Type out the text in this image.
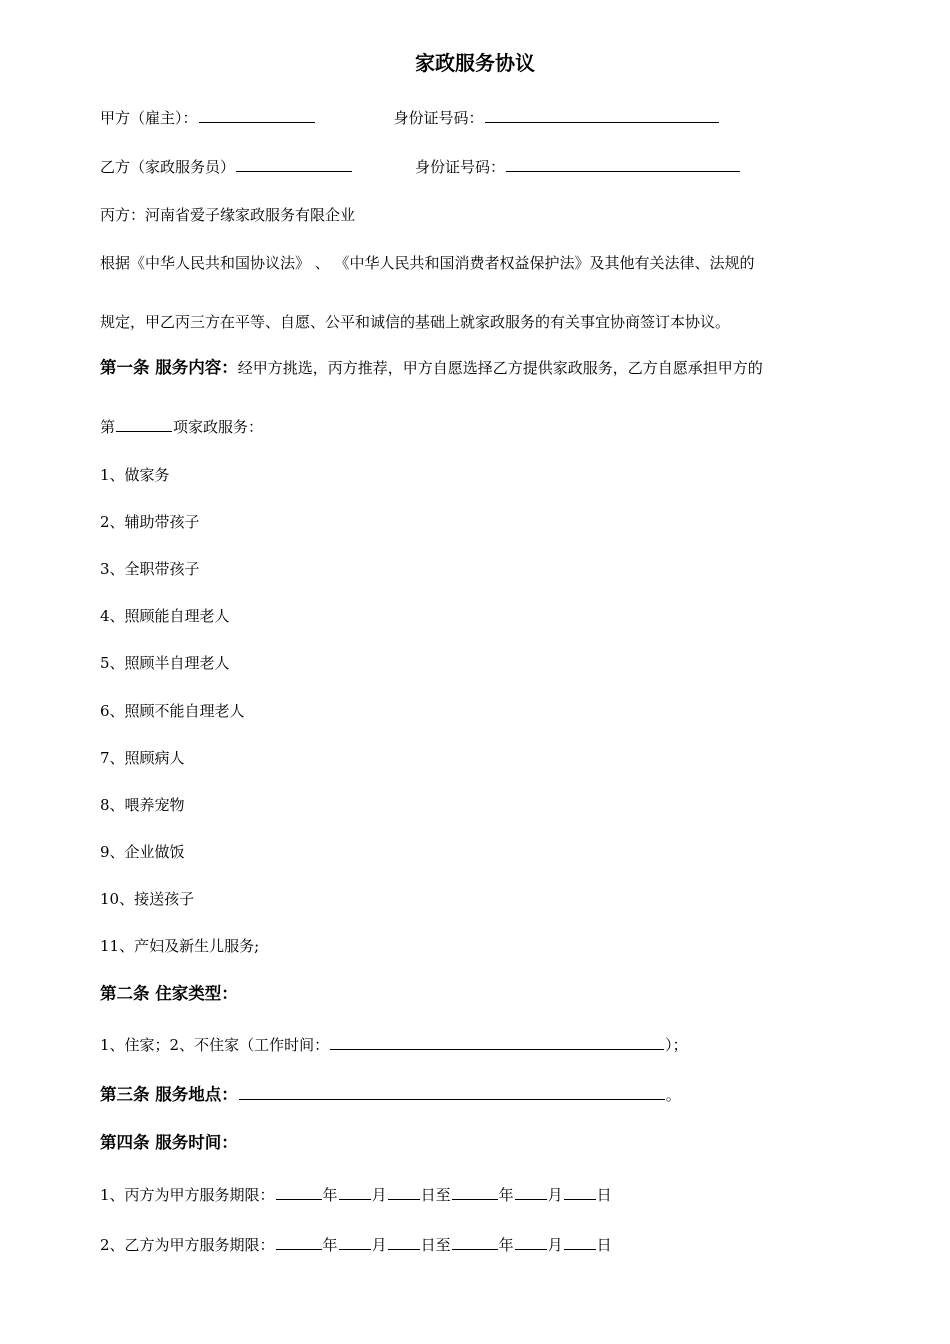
家政服务协议
甲方（雇主）：	身份证号码：
乙方（家政服务员）	身份证号码：
丙方：河南省爱子缘家政服务有限企业
根据《中华人民共和国协议法》 、 《中华人民共和国消费者权益保护法》及其他有关法律、法规的
规定，甲乙丙三方在平等、自愿、公平和诚信的基础上就家政服务的有关事宜协商签订本协议。
第一条 服务内容：经甲方挑选，丙方推荐，甲方自愿选择乙方提供家政服务，乙方自愿承担甲方的
第	项家政服务：
1、做家务
2、辅助带孩子
3、全职带孩子
4、照顾能自理老人
5、照顾半自理老人
6、照顾不能自理老人
7、照顾病人
8、喂养宠物
9、企业做饭
10、接送孩子
11、产妇及新生儿服务;
第二条 住家类型：
1、住家；2、不住家（工作时间：	）；
第三条 服务地点：	。
第四条 服务时间：
1、丙方为甲方服务期限：	年 月 日至	年 月 日
2、乙方为甲方服务期限：	年 月 日至	年 月 日
